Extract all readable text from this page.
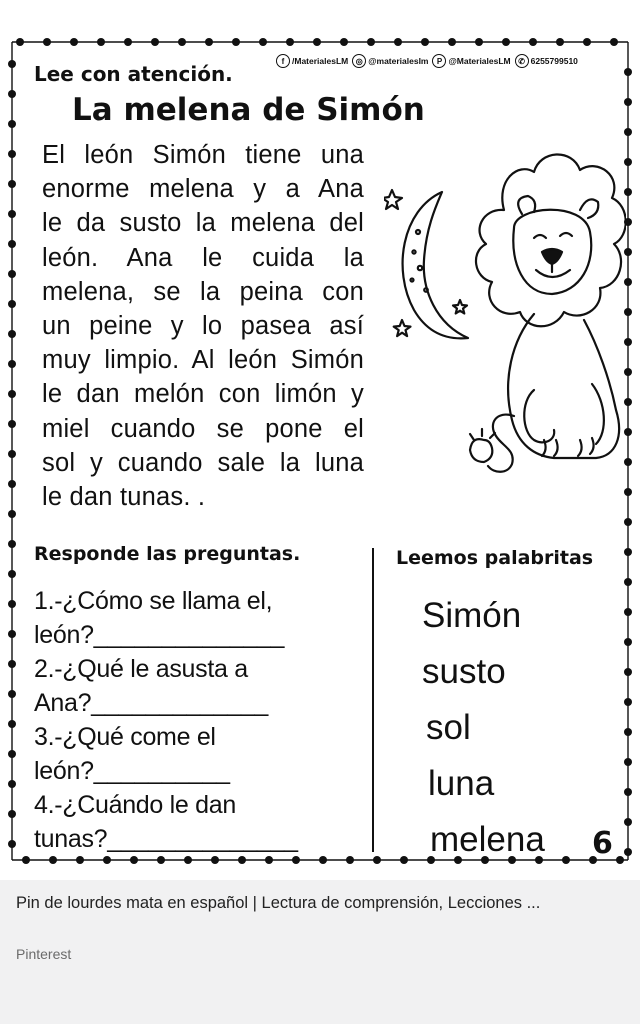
f /MaterialesLM ◎ @materialesIm	P @MaterialesLM ✆ 6255799510
Lee con atención.
La melena de Simón
El león Simón tiene una
enorme melena y a Ana
le da susto la melena del
león. Ana le cuida la
melena, se la peina con
un peine y lo pasea así
muy limpio. Al león Simón
le dan melón con limón y
miel cuando se pone el
sol y cuando sale la luna
le dan tunas. .
Responde las preguntas.	Leemos palabritas
1.-¿Cómo se llama el,
león?______________
2.-¿Qué le asusta a
Ana?_____________
3.-¿Qué come el
león?__________
4.-¿Cuándo le dan
tunas?______________
Simón
susto
sol
luna
melena 6
Pin de lourdes mata en español | Lectura de comprensión, Lecciones ...
Pinterest
